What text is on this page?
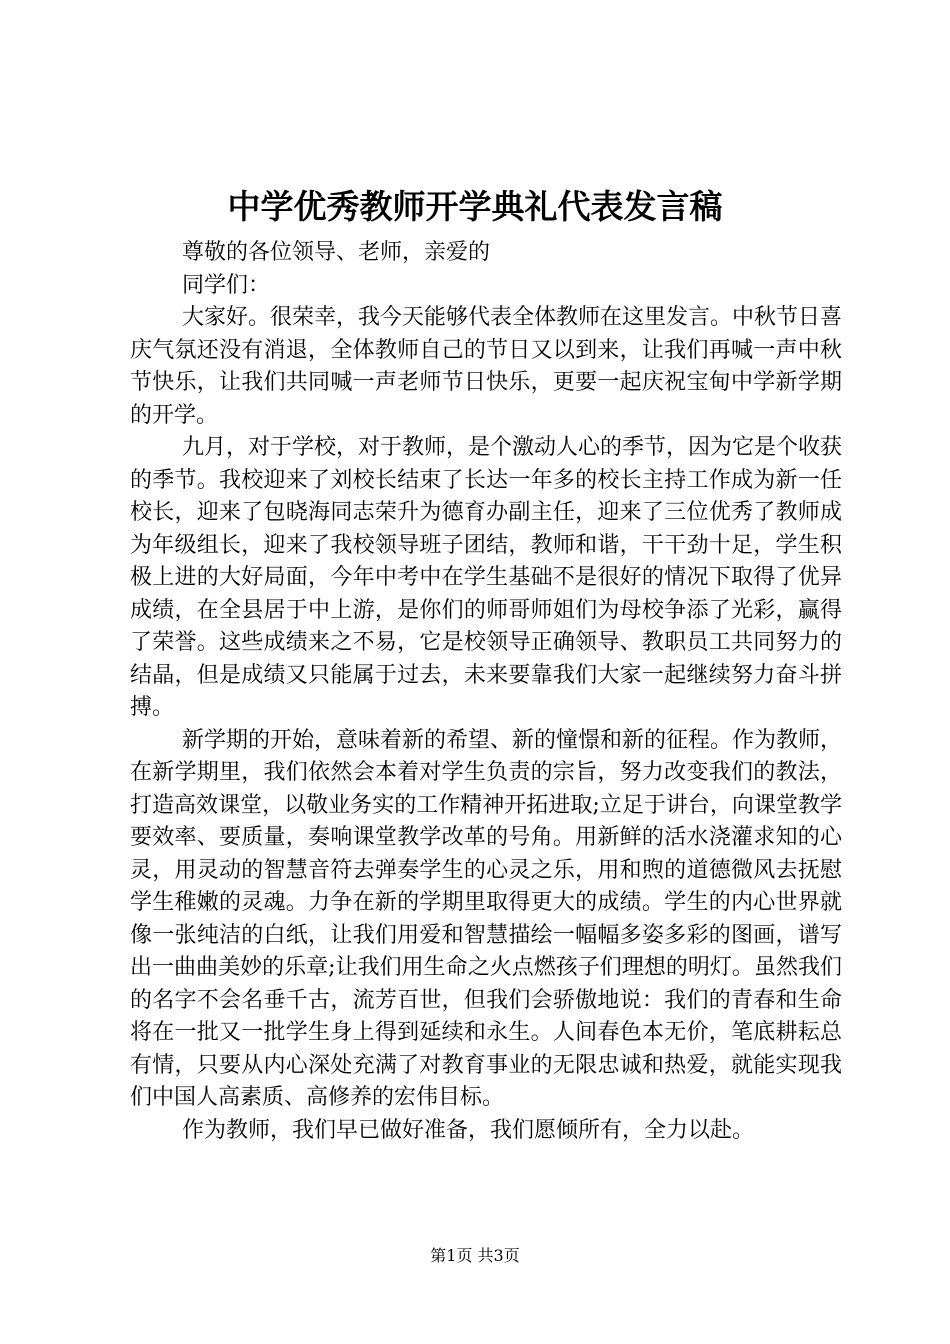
中学优秀教师开学典礼代表发言稿

尊敬的各位领导、老师，亲爱的

同学们：

大家好。很荣幸，我今天能够代表全体教师在这里发言。中秋节日喜庆气氛还没有消退，全体教师自己的节日又以到来，让我们再喊一声中秋节快乐，让我们共同喊一声老师节日快乐，更要一起庆祝宝甸中学新学期的开学。

九月，对于学校，对于教师，是个激动人心的季节，因为它是个收获的季节。我校迎来了刘校长结束了长达一年多的校长主持工作成为新一任校长，迎来了包晓海同志荣升为德育办副主任，迎来了三位优秀了教师成为年级组长，迎来了我校领导班子团结，教师和谐，干干劲十足，学生积极上进的大好局面，今年中考中在学生基础不是很好的情况下取得了优异成绩，在全县居于中上游，是你们的师哥师姐们为母校争添了光彩，赢得了荣誉。这些成绩来之不易，它是校领导正确领导、教职员工共同努力的结晶，但是成绩又只能属于过去，未来要靠我们大家一起继续努力奋斗拼搏。

新学期的开始，意味着新的希望、新的憧憬和新的征程。作为教师，在新学期里，我们依然会本着对学生负责的宗旨，努力改变我们的教法，打造高效课堂，以敬业务实的工作精神开拓进取;立足于讲台，向课堂教学要效率、要质量，奏响课堂教学改革的号角。用新鲜的活水浇灌求知的心灵，用灵动的智慧音符去弹奏学生的心灵之乐，用和煦的道德微风去抚慰学生稚嫩的灵魂。力争在新的学期里取得更大的成绩。学生的内心世界就像一张纯洁的白纸，让我们用爱和智慧描绘一幅幅多姿多彩的图画，谱写出一曲曲美妙的乐章;让我们用生命之火点燃孩子们理想的明灯。虽然我们的名字不会名垂千古，流芳百世，但我们会骄傲地说：我们的青春和生命将在一批又一批学生身上得到延续和永生。人间春色本无价，笔底耕耘总有情，只要从内心深处充满了对教育事业的无限忠诚和热爱，就能实现我们中国人高素质、高修养的宏伟目标。

作为教师，我们早已做好准备，我们愿倾所有，全力以赴。

第1页 共3页
